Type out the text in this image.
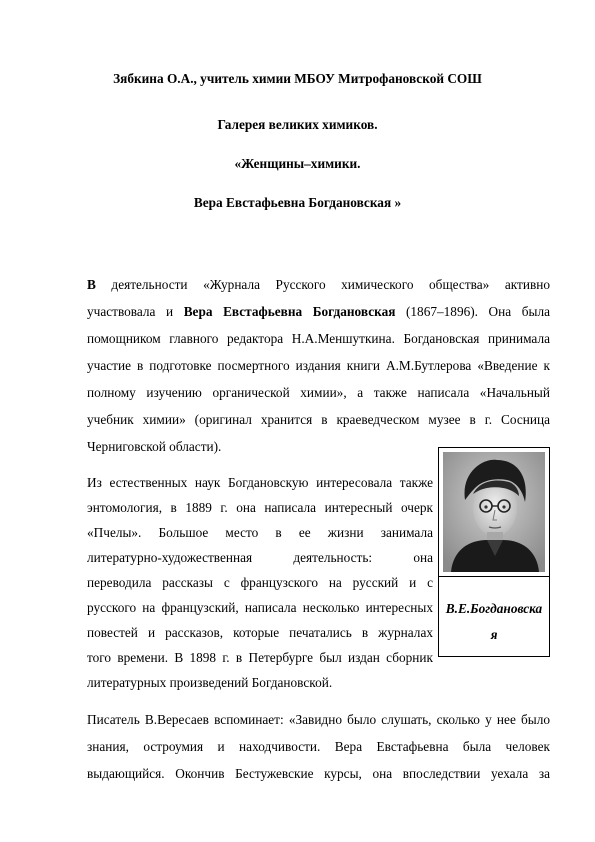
Зябкина О.А., учитель химии МБОУ Митрофановской СОШ
Галерея великих химиков.
«Женщины–химики.
Вера Евстафьевна Богдановская »
В деятельности «Журнала Русского химического общества» активно
участвовала и Вера Евстафьевна Богдановская (1867–1896). Она была
помощником главного редактора Н.А.Меншуткина. Богдановская принимала
участие в подготовке посмертного издания книги А.М.Бутлерова «Введение к
полному изучению органической химии», а также написала «Начальный
учебник химии» (оригинал хранится в краеведческом музее в г. Сосница
Черниговской области).
Из естественных наук Богдановскую интересовала также
энтомология, в 1889 г. она написала интересный очерк
«Пчелы». Большое место в ее жизни занимала
литературно-художественная деятельность: она
переводила рассказы с французского на русский и с
русского на французский, написала несколько интересных
повестей и рассказов, которые печатались в журналах
того времени. В 1898 г. в Петербурге был издан сборник
литературных произведений Богдановской.
В.Е.Богдановска
я
Писатель В.Вересаев вспоминает: «Завидно было слушать, сколько у нее было
знания, остроумия и находчивости. Вера Евстафьевна была человек
выдающийся. Окончив Бестужевские курсы, она впоследствии уехала за
